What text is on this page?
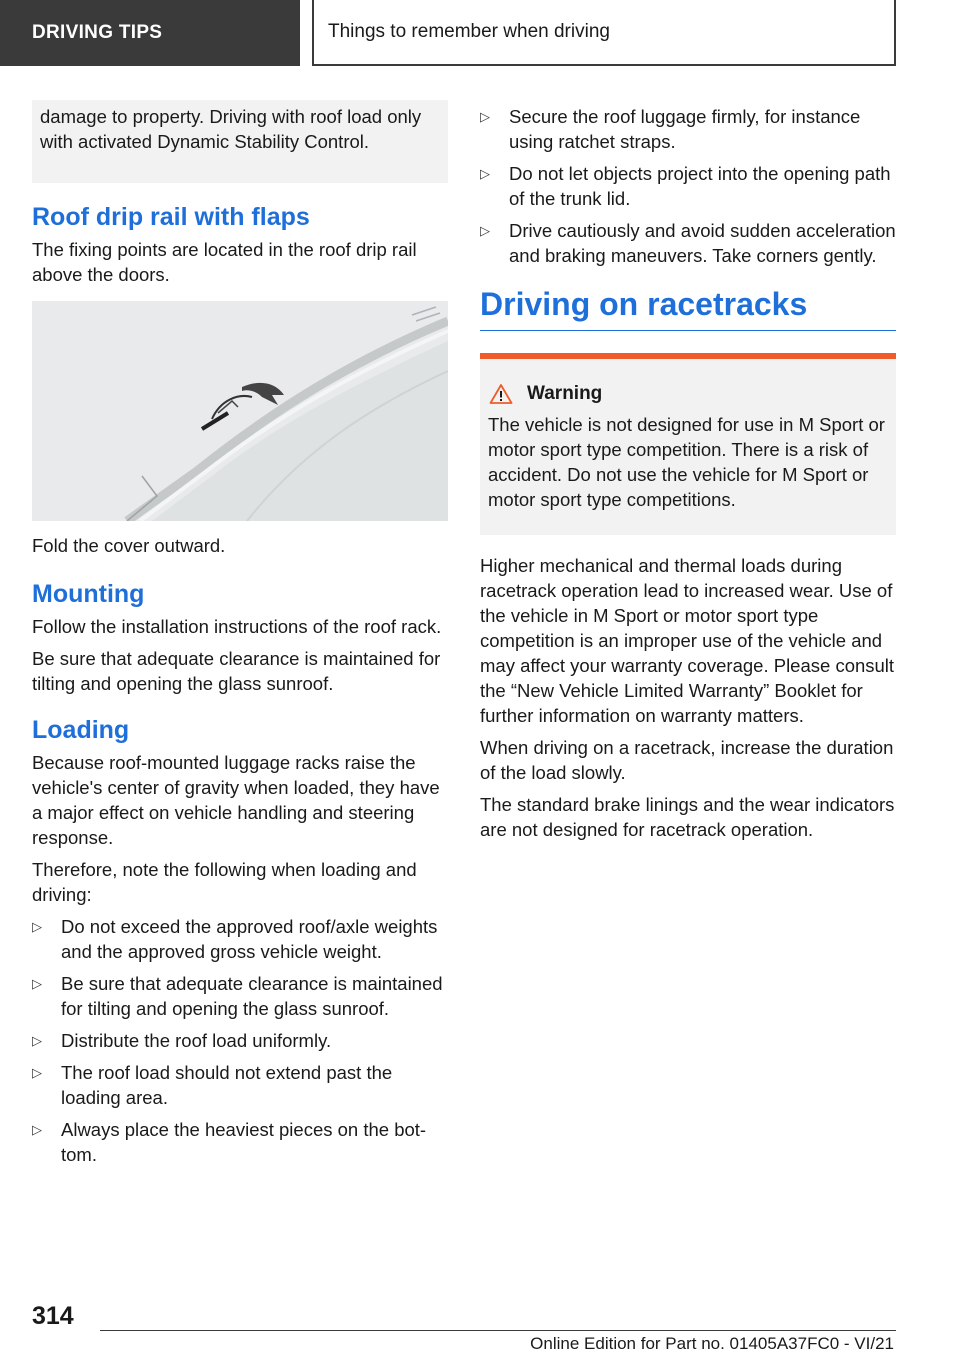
DRIVING TIPS	Things to remember when driving

damage to property. Driving with roof load only with activated Dynamic Stability Control.

Roof drip rail with flaps

The fixing points are located in the roof drip rail above the doors.

Fold the cover outward.

Mounting

Follow the installation instructions of the roof rack.

Be sure that adequate clearance is maintained for tilting and opening the glass sunroof.

Loading

Because roof-mounted luggage racks raise the vehicle's center of gravity when loaded, they have a major effect on vehicle handling and steering response.

Therefore, note the following when loading and driving:

▷ Do not exceed the approved roof/axle weights and the approved gross vehicle weight.
▷ Be sure that adequate clearance is maintained for tilting and opening the glass sunroof.
▷ Distribute the roof load uniformly.
▷ The roof load should not extend past the loading area.
▷ Always place the heaviest pieces on the bottom.
▷ Secure the roof luggage firmly, for instance using ratchet straps.
▷ Do not let objects project into the opening path of the trunk lid.
▷ Drive cautiously and avoid sudden acceleration and braking maneuvers. Take corners gently.
Driving on racetracks
Warning

The vehicle is not designed for use in M Sport or motor sport type competition. There is a risk of accident. Do not use the vehicle for M Sport or motor sport type competitions.

Higher mechanical and thermal loads during racetrack operation lead to increased wear. Use of the vehicle in M Sport or motor sport type competition is an improper use of the vehicle and may affect your warranty coverage. Please consult the “New Vehicle Limited Warranty” Booklet for further information on warranty matters.

When driving on a racetrack, increase the duration of the load slowly.

The standard brake linings and the wear indicators are not designed for racetrack operation.

314
Online Edition for Part no. 01405A37FC0 - VI/21
